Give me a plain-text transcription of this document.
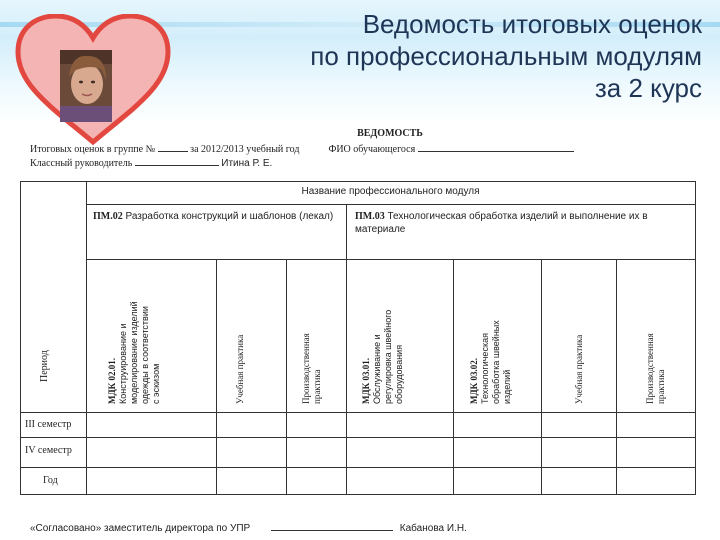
Ведомость итоговых оценок
по профессиональным модулям
за 2 курс
ВЕДОМОСТЬ
Итоговых оценок в группе №	за 2012/2013 учебный год	ФИО обучающегося
Классный руководитель	Итина Р. Е.
Название профессионального модуля
ПМ.02 Разработка конструкций и шаблонов (лекал)	ПМ.03 Технологическая обработка изделий и выполнение их в материале
Период	МДК 02.01. Конструирование и моделирование изделий одежды в соответствии с эскизом	Учебная практика	Производственная практика	МДК 03.01. Обслуживание и регулировка швейного оборудования	МДК 03.02. Технологическая обработка швейных изделий	Учебная практика	Производственная практика
III семестр
IV семестр
Год
«Согласовано» заместитель директора по УПР	Кабанова И.Н.
